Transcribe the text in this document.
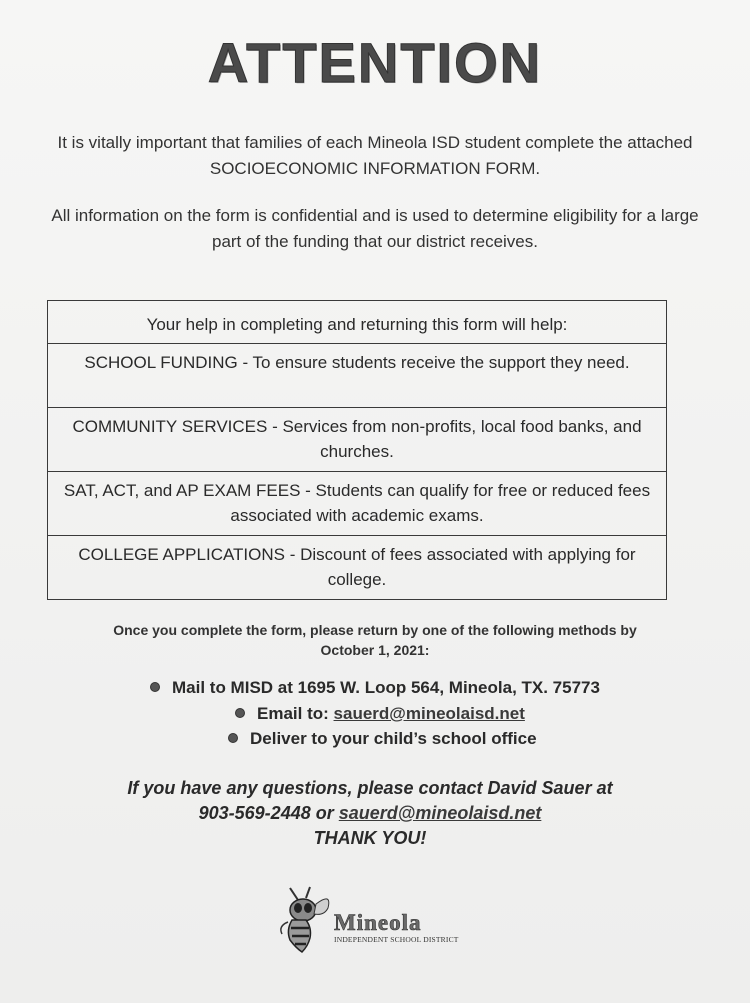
ATTENTION
It is vitally important that families of each Mineola ISD student complete the attached SOCIOECONOMIC INFORMATION FORM.
All information on the form is confidential and is used to determine eligibility for a large part of the funding that our district receives.
Your help in completing and returning this form will help:
SCHOOL FUNDING - To ensure students receive the support they need.
COMMUNITY SERVICES - Services from non-profits, local food banks, and churches.
SAT, ACT, and AP EXAM FEES - Students can qualify for free or reduced fees associated with academic exams.
COLLEGE APPLICATIONS - Discount of fees associated with applying for college.
Once you complete the form, please return by one of the following methods by October 1, 2021:
Mail to MISD at 1695 W. Loop 564, Mineola, TX. 75773
Email to: sauerd@mineolaisd.net
Deliver to your child’s school office
If you have any questions, please contact David Sauer at
903-569-2448 or sauerd@mineolaisd.net
THANK YOU!
Mineola
INDEPENDENT SCHOOL DISTRICT
